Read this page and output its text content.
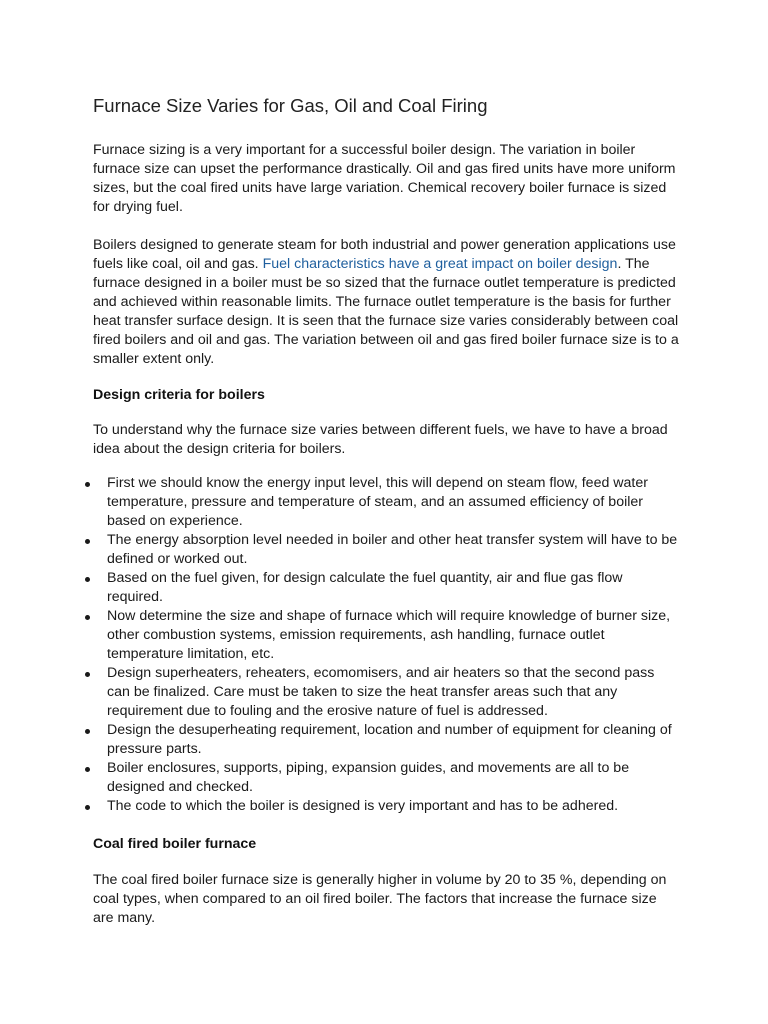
Furnace Size Varies for Gas, Oil and Coal Firing

Furnace sizing is a very important for a successful boiler design. The variation in boiler
furnace size can upset the performance drastically. Oil and gas fired units have more uniform
sizes, but the coal fired units have large variation. Chemical recovery boiler furnace is sized
for drying fuel.

Boilers designed to generate steam for both industrial and power generation applications use
fuels like coal, oil and gas. Fuel characteristics have a great impact on boiler design. The
furnace designed in a boiler must be so sized that the furnace outlet temperature is predicted
and achieved within reasonable limits. The furnace outlet temperature is the basis for further
heat transfer surface design. It is seen that the furnace size varies considerably between coal
fired boilers and oil and gas. The variation between oil and gas fired boiler furnace size is to a
smaller extent only.

Design criteria for boilers

To understand why the furnace size varies between different fuels, we have to have a broad
idea about the design criteria for boilers.

First we should know the energy input level, this will depend on steam flow, feed water
temperature, pressure and temperature of steam, and an assumed efficiency of boiler
based on experience.
The energy absorption level needed in boiler and other heat transfer system will have to be
defined or worked out.
Based on the fuel given, for design calculate the fuel quantity, air and flue gas flow
required.
Now determine the size and shape of furnace which will require knowledge of burner size,
other combustion systems, emission requirements, ash handling, furnace outlet
temperature limitation, etc.
Design superheaters, reheaters, ecomomisers, and air heaters so that the second pass
can be finalized. Care must be taken to size the heat transfer areas such that any
requirement due to fouling and the erosive nature of fuel is addressed.
Design the desuperheating requirement, location and number of equipment for cleaning of
pressure parts.
Boiler enclosures, supports, piping, expansion guides, and movements are all to be
designed and checked.
The code to which the boiler is designed is very important and has to be adhered.
Coal fired boiler furnace

The coal fired boiler furnace size is generally higher in volume by 20 to 35 %, depending on
coal types, when compared to an oil fired boiler. The factors that increase the furnace size
are many.
